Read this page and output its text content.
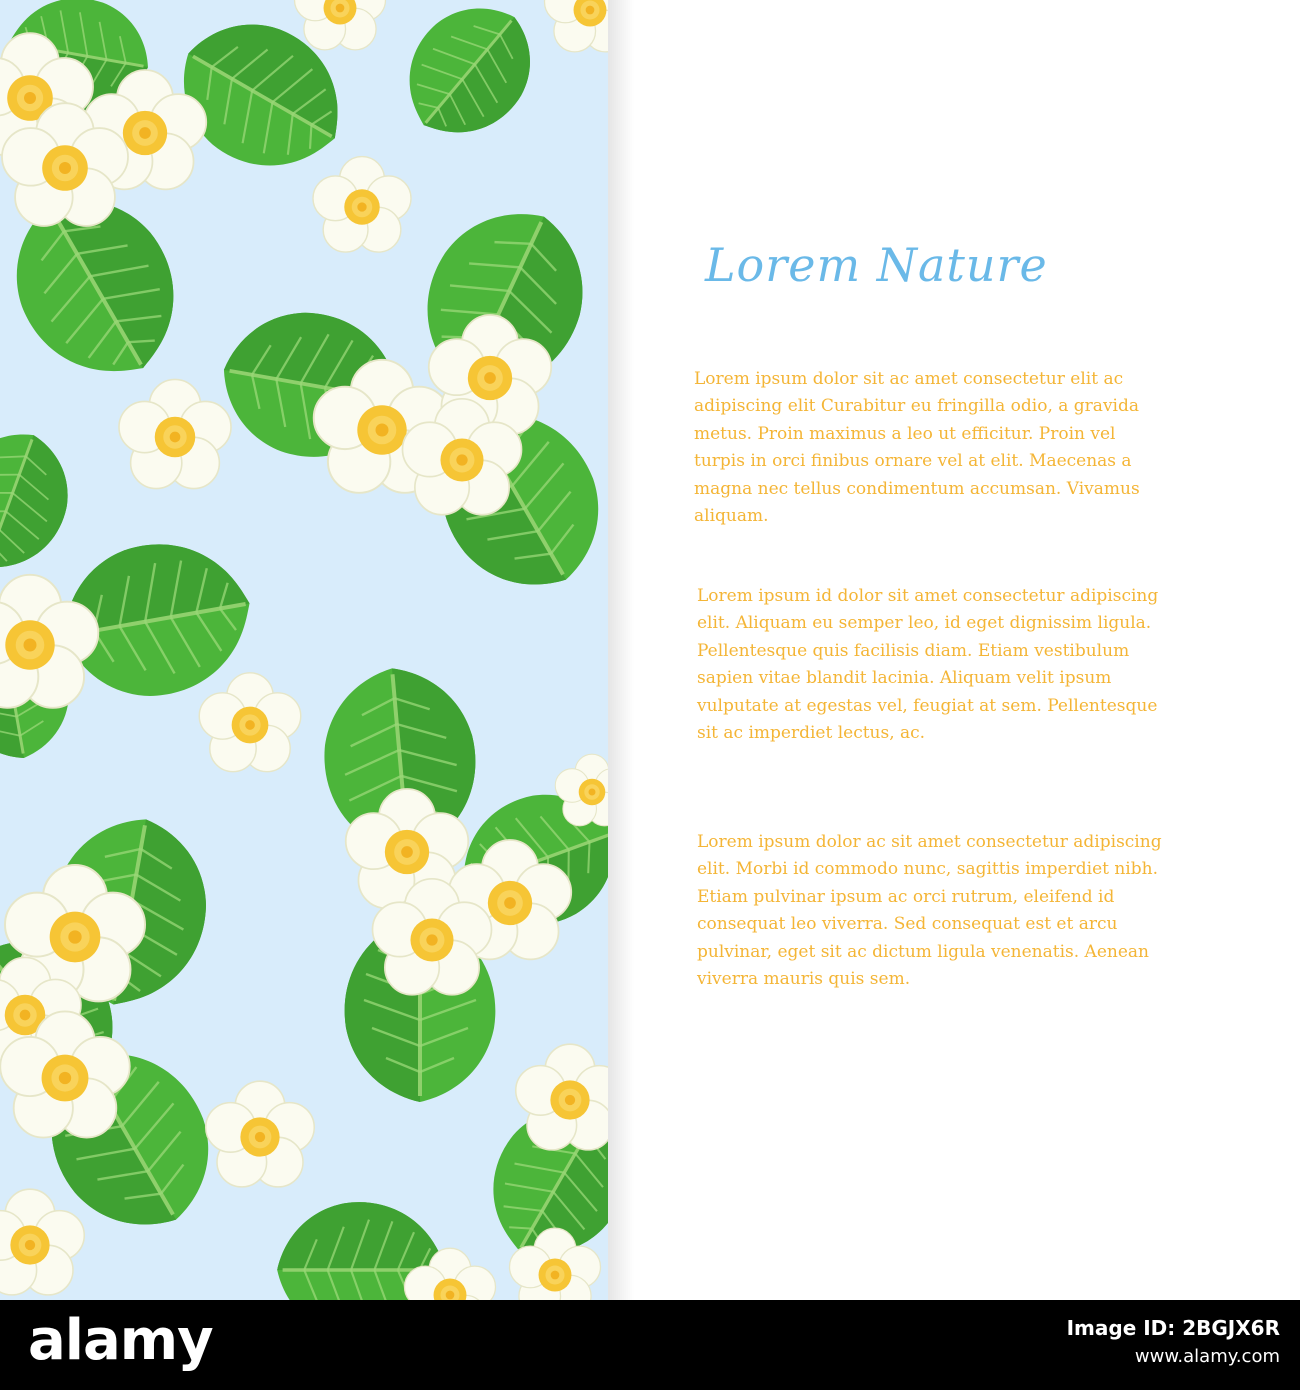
Lorem Nature

Lorem ipsum dolor sit ac amet consectetur elit ac adipiscing elit Curabitur eu fringilla odio, a gravida metus. Proin maximus a leo ut efficitur. Proin vel turpis in orci finibus ornare vel at elit. Maecenas a magna nec tellus condimentum accumsan. Vivamus aliquam.

Lorem ipsum id dolor sit amet consectetur adipiscing elit. Aliquam eu semper leo, id eget dignissim ligula. Pellentesque quis facilisis diam. Etiam vestibulum sapien vitae blandit lacinia. Aliquam velit ipsum vulputate at egestas vel, feugiat at sem. Pellentesque sit ac imperdiet lectus, ac.

Lorem ipsum dolor ac sit amet consectetur adipiscing elit. Morbi id commodo nunc, sagittis imperdiet nibh. Etiam pulvinar ipsum ac orci rutrum, eleifend id consequat leo viverra. Sed consequat est et arcu pulvinar, eget sit ac dictum ligula venenatis. Aenean viverra mauris quis sem.

alamy	Image ID: 2BGJX6R
www.alamy.com
